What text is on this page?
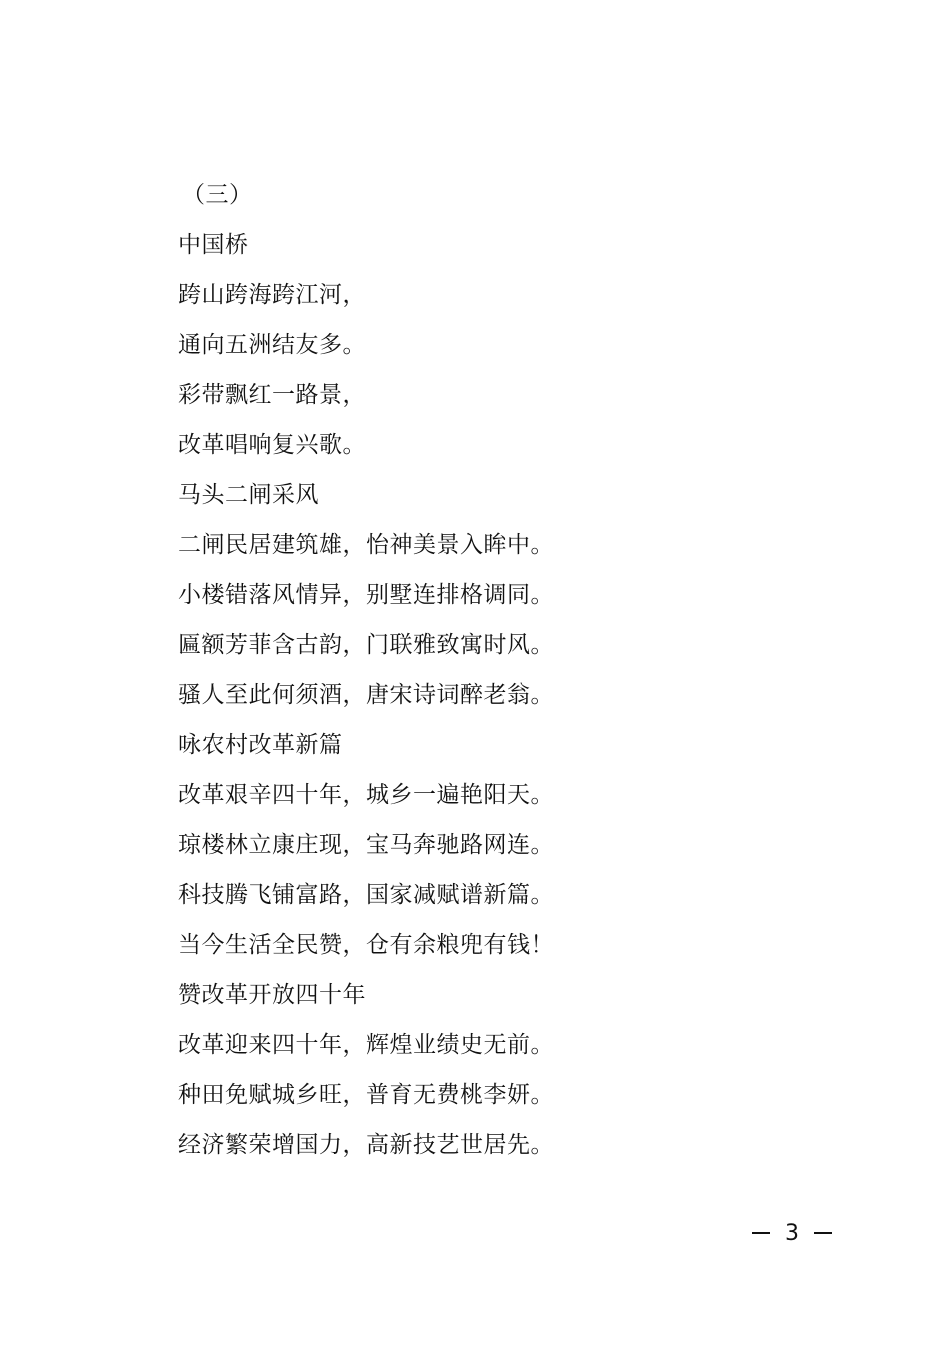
（三）
中国桥
跨山跨海跨江河，
通向五洲结友多。
彩带飘红一路景，
改革唱响复兴歌。
马头二闸采风
二闸民居建筑雄，怡神美景入眸中。
小楼错落风情异，别墅连排格调同。
匾额芳菲含古韵，门联雅致寓时风。
骚人至此何须酒，唐宋诗词醉老翁。
咏农村改革新篇
改革艰辛四十年，城乡一遍艳阳天。
琼楼林立康庄现，宝马奔驰路网连。
科技腾飞铺富路，国家减赋谱新篇。
当今生活全民赞，仓有余粮兜有钱！
赞改革开放四十年
改革迎来四十年，辉煌业绩史无前。
种田免赋城乡旺，普育无费桃李妍。
经济繁荣增国力，高新技艺世居先。
3
